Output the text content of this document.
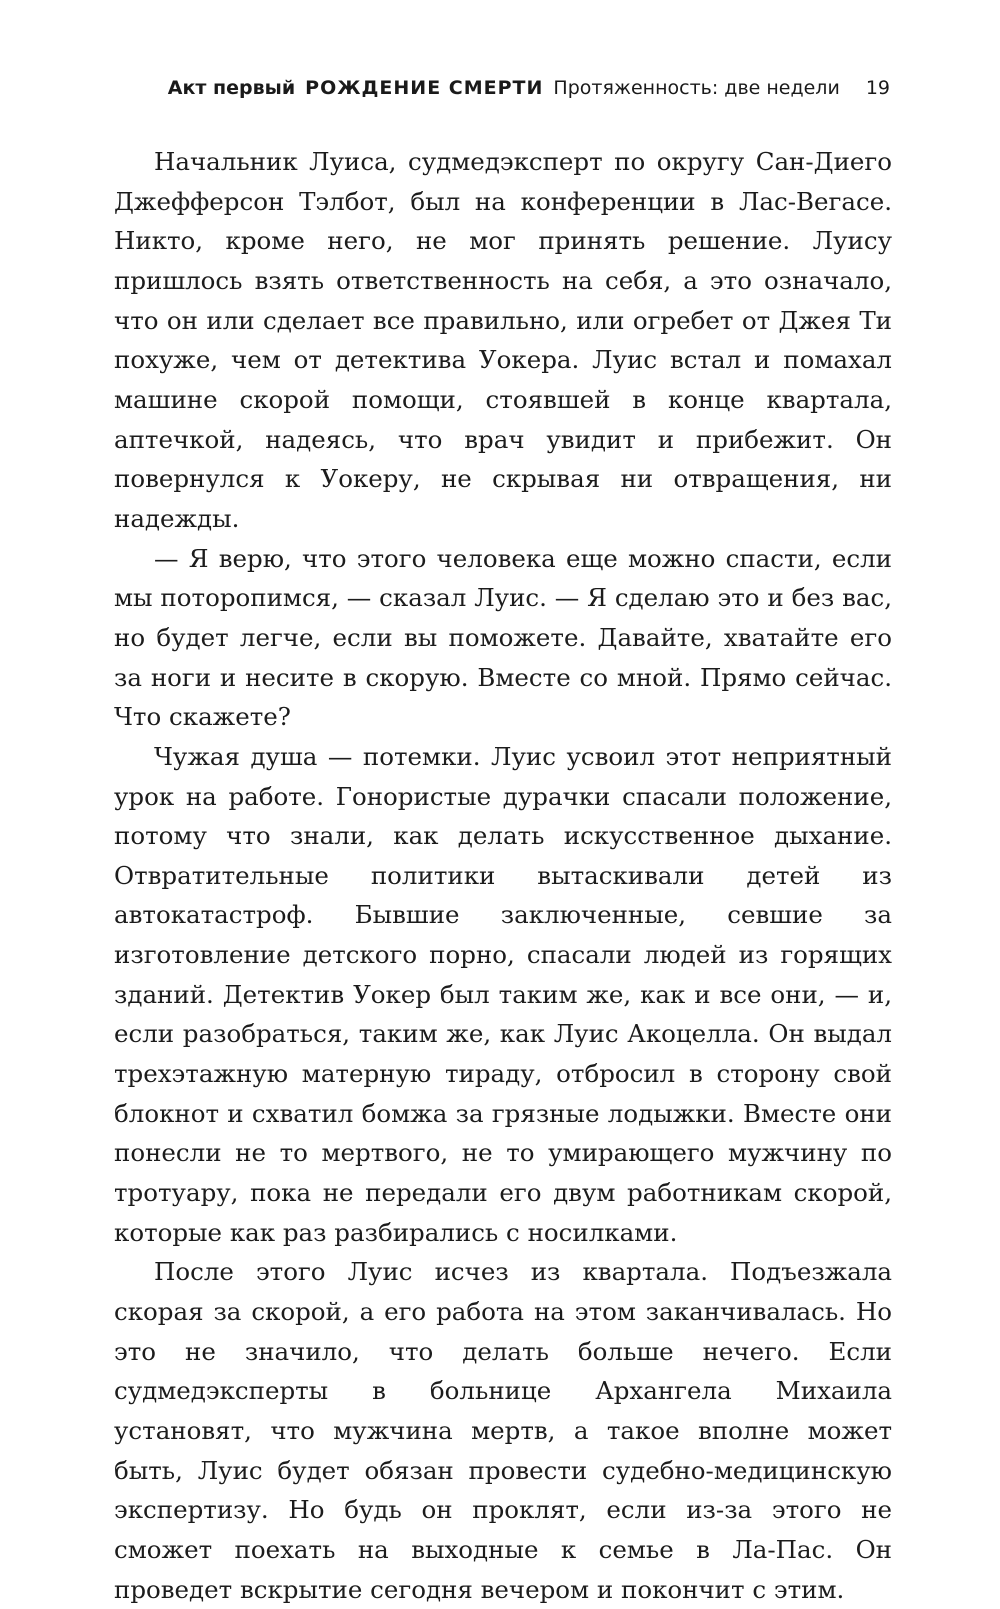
Акт первый РОЖДЕНИЕ СМЕРТИ Протяженность: две недели 19

Начальник Луиса, судмедэксперт по округу Сан-Диего Джефферсон Тэлбот, был на конференции в Лас-Вегасе. Никто, кроме него, не мог принять решение. Луису пришлось взять ответственность на себя, а это означало, что он или сделает все правильно, или огребет от Джея Ти похуже, чем от детектива Уокера. Луис встал и помахал машине скорой помощи, стоявшей в конце квартала, аптечкой, надеясь, что врач увидит и прибежит. Он повернулся к Уокеру, не скрывая ни отвращения, ни надежды.

— Я верю, что этого человека еще можно спасти, если мы поторопимся, — сказал Луис. — Я сделаю это и без вас, но будет легче, если вы поможете. Давайте, хватайте его за ноги и несите в скорую. Вместе со мной. Прямо сейчас. Что скажете?

Чужая душа — потемки. Луис усвоил этот неприятный урок на работе. Гонористые дурачки спасали положение, потому что знали, как делать искусственное дыхание. Отвратительные политики вытаскивали детей из автокатастроф. Бывшие заключенные, севшие за изготовление детского порно, спасали людей из горящих зданий. Детектив Уокер был таким же, как и все они, — и, если разобраться, таким же, как Луис Акоцелла. Он выдал трехэтажную матерную тираду, отбросил в сторону свой блокнот и схватил бомжа за грязные лодыжки. Вместе они понесли не то мертвого, не то умирающего мужчину по тротуару, пока не передали его двум работникам скорой, которые как раз разбирались с носилками.

После этого Луис исчез из квартала. Подъезжала скорая за скорой, а его работа на этом заканчивалась. Но это не значило, что делать больше нечего. Если судмедэксперты в больнице Архангела Михаила установят, что мужчина мертв, а такое вполне может быть, Луис будет обязан провести судебно-медицинскую экспертизу. Но будь он проклят, если из-за этого не сможет поехать на выходные к семье в Ла-Пас. Он проведет вскрытие сегодня вечером и покончит с этим.
